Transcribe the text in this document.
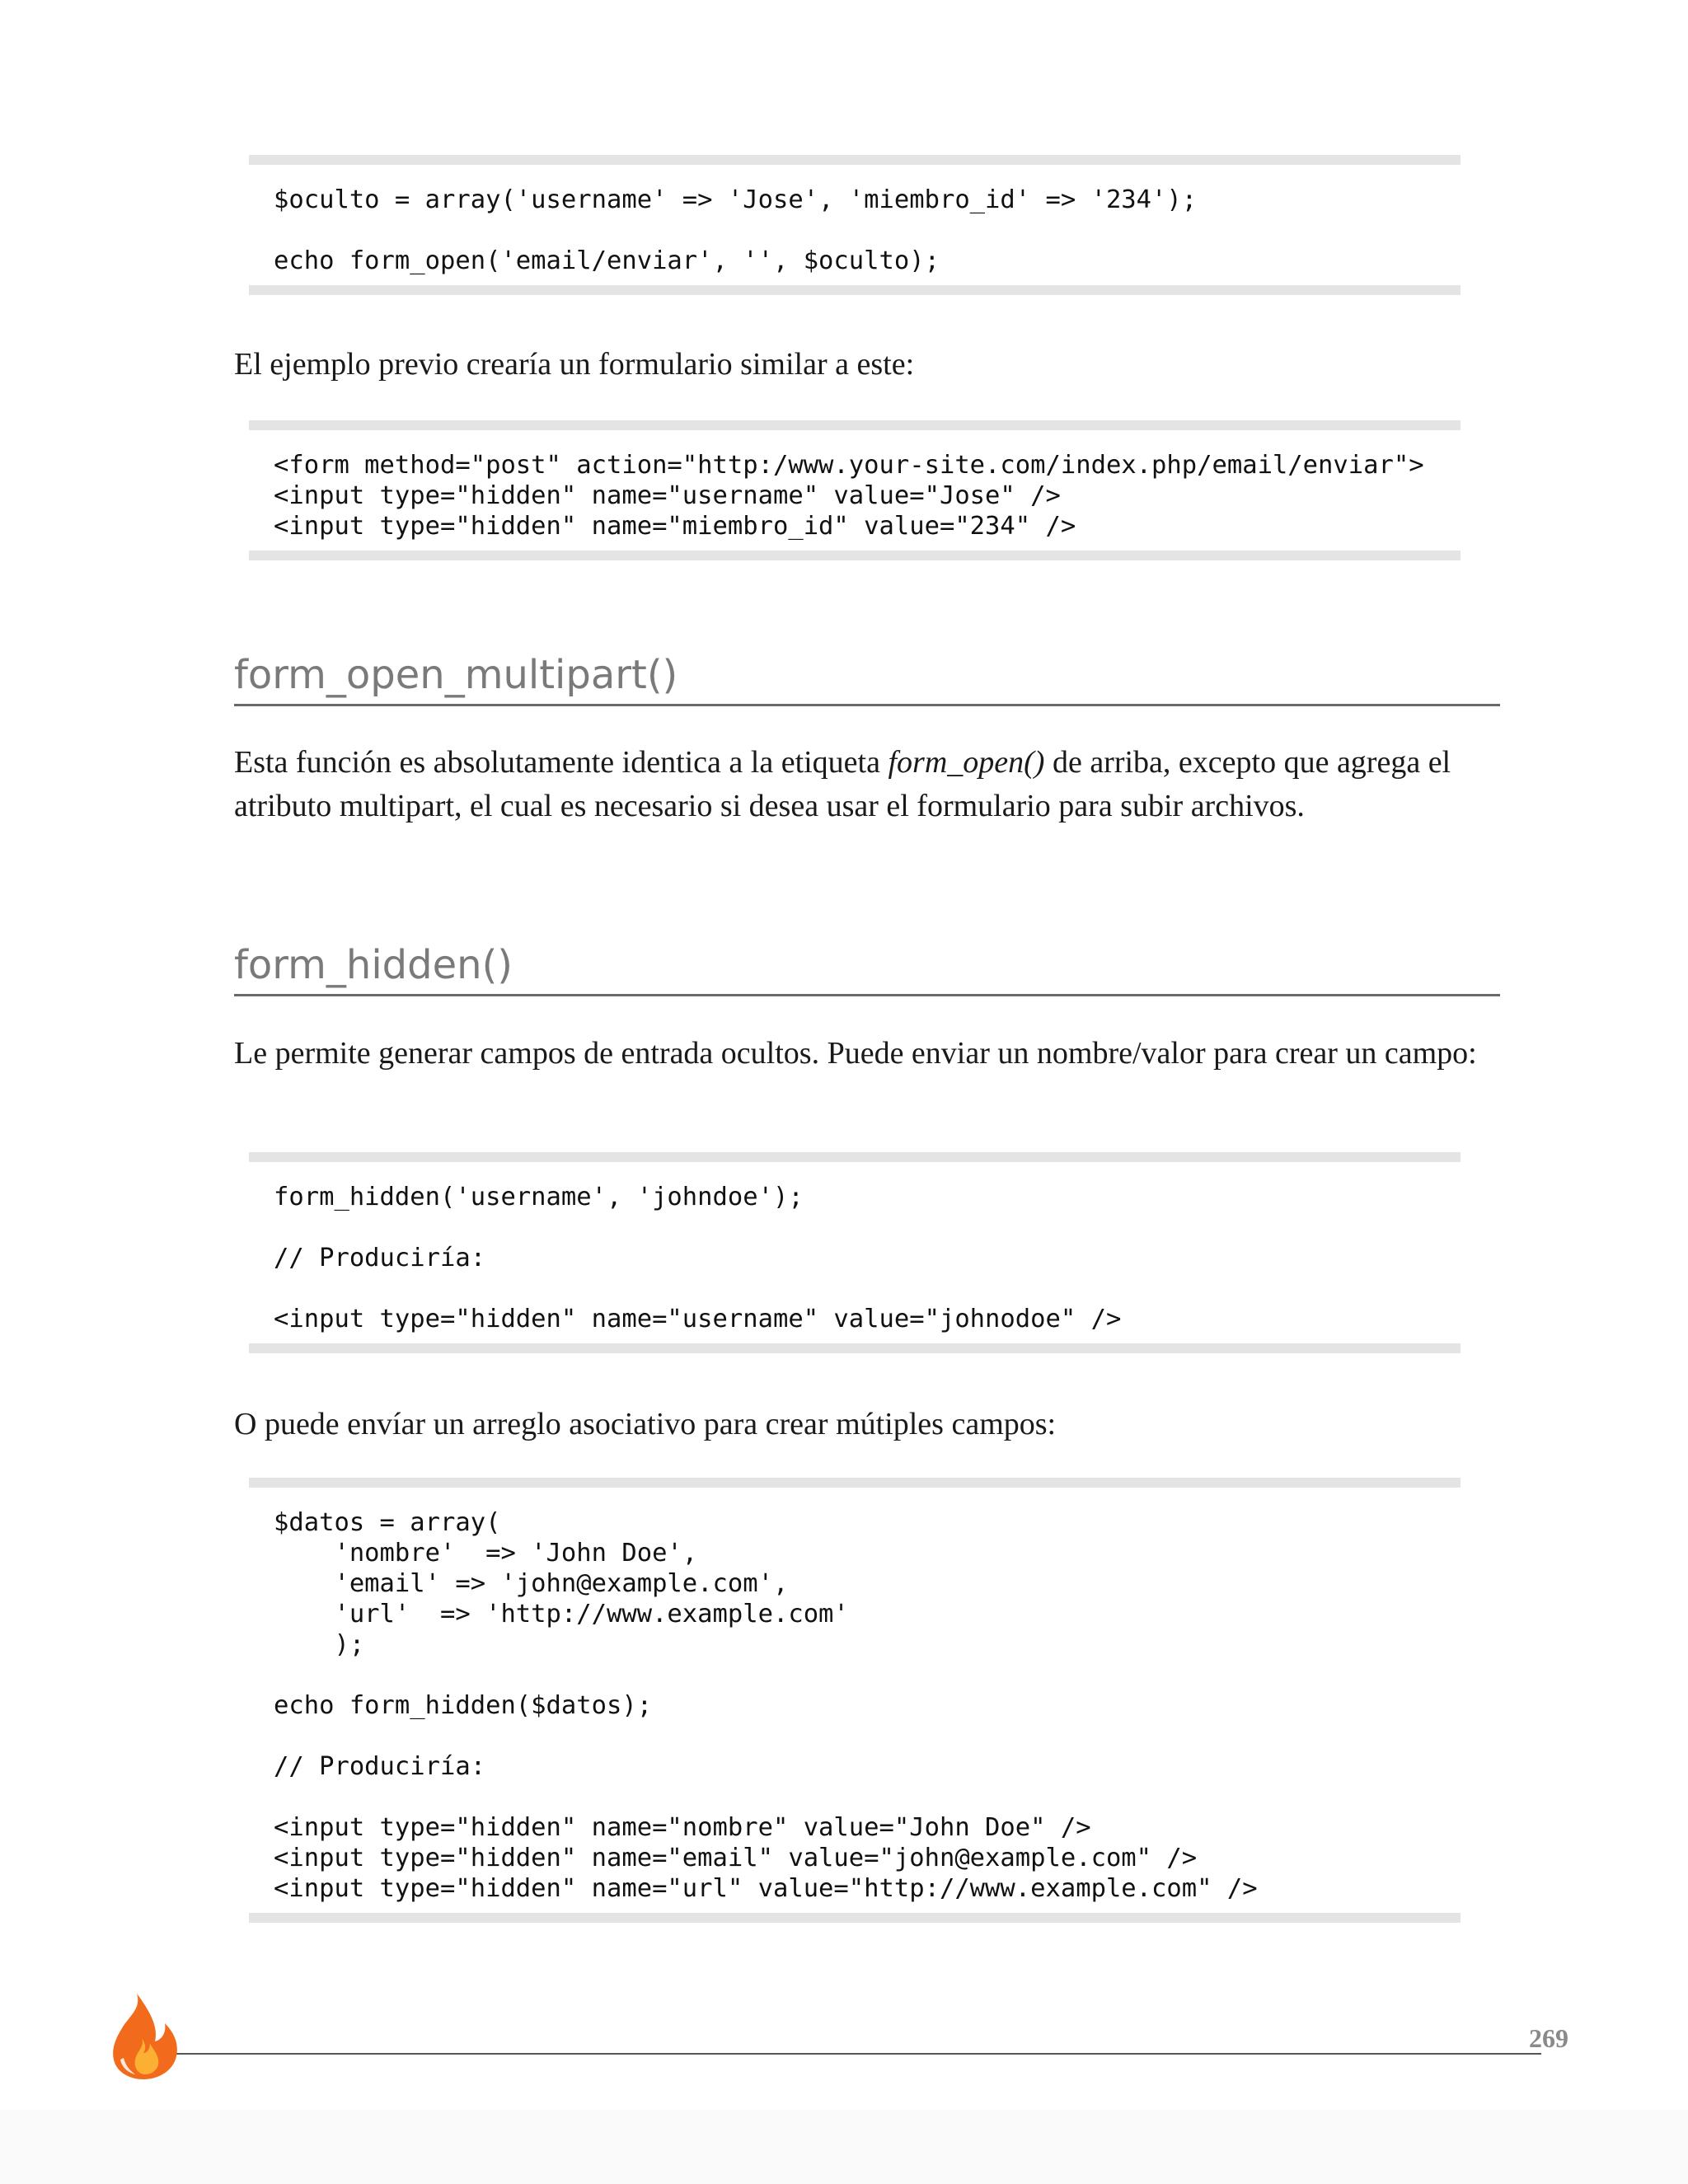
$oculto = array('username' => 'Jose', 'miembro_id' => '234');

echo form_open('email/enviar', '', $oculto);

El ejemplo previo crearía un formulario similar a este:

<form method="post" action="http:/www.your-site.com/index.php/email/enviar">
<input type="hidden" name="username" value="Jose" />
<input type="hidden" name="miembro_id" value="234" />
form_open_multipart()

Esta función es absolutamente identica a la etiqueta form_open() de arriba, excepto que agrega el atributo multipart, el cual es necesario si desea usar el formulario para subir archivos.

form_hidden()

Le permite generar campos de entrada ocultos. Puede enviar un nombre/valor para crear un campo:

form_hidden('username', 'johndoe');

// Produciría:

<input type="hidden" name="username" value="johnodoe" />

O puede envíar un arreglo asociativo para crear mútiples campos:

$datos = array(
'nombre'  => 'John Doe',
'email' => 'john@example.com',
'url'  => 'http://www.example.com'
);

echo form_hidden($datos);

// Produciría:

<input type="hidden" name="nombre" value="John Doe" />
<input type="hidden" name="email" value="john@example.com" />
<input type="hidden" name="url" value="http://www.example.com" />
269
